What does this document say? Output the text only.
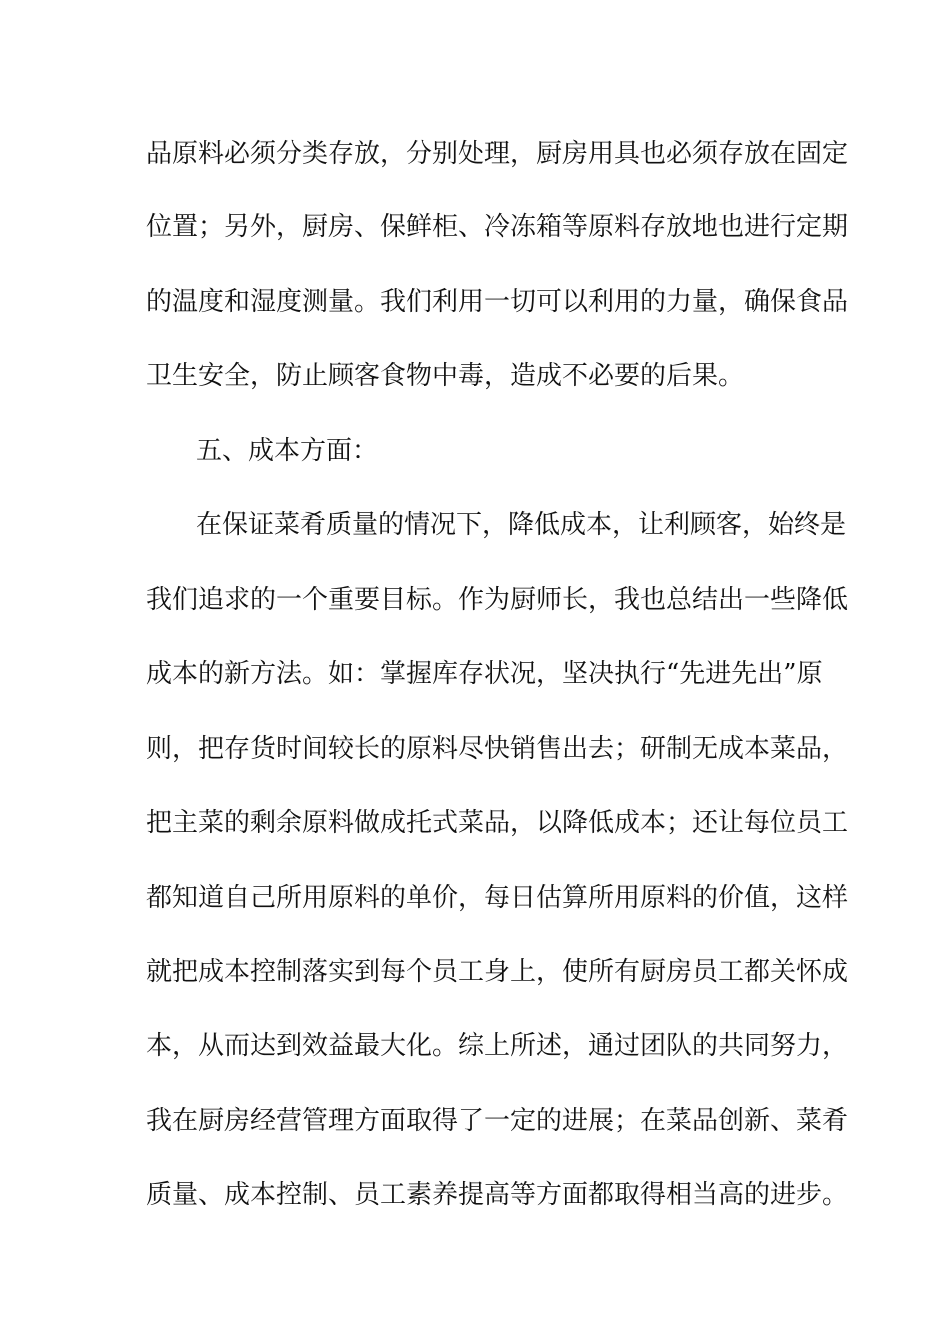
品原料必须分类存放，分别处理，厨房用具也必须存放在固定
位置；另外，厨房、保鲜柜、冷冻箱等原料存放地也进行定期
的温度和湿度测量。我们利用一切可以利用的力量，确保食品
卫生安全，防止顾客食物中毒，造成不必要的后果。
五、成本方面：
在保证菜肴质量的情况下，降低成本，让利顾客，始终是
我们追求的一个重要目标。作为厨师长，我也总结出一些降低
成本的新方法。如：掌握库存状况，坚决执行“先进先出”原
则，把存货时间较长的原料尽快销售出去；研制无成本菜品，
把主菜的剩余原料做成托式菜品，以降低成本；还让每位员工
都知道自己所用原料的单价，每日估算所用原料的价值，这样
就把成本控制落实到每个员工身上，使所有厨房员工都关怀成
本，从而达到效益最大化。综上所述，通过团队的共同努力，
我在厨房经营管理方面取得了一定的进展；在菜品创新、菜肴
质量、成本控制、员工素养提高等方面都取得相当高的进步。
